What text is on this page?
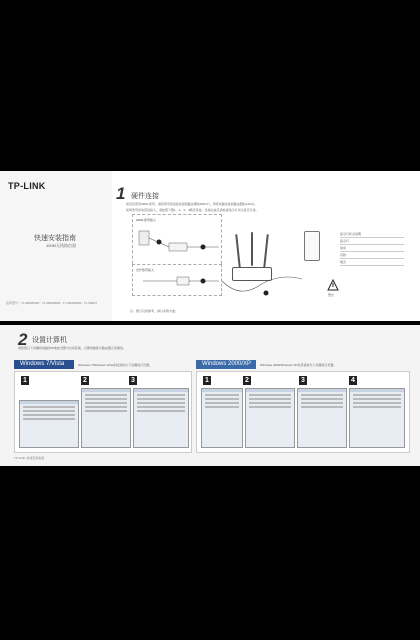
TP-LINK
快速安装指南
450M无线路由器
适用型号：TL-WDR5300 · TL-WDR5600 · TL-WDR5620 · TL-WDR7
1 硬件连接
如没有使用ADSL宽带，请将宽带线直接连接到路由器的WAN口，再将电脑连接到路由器的LAN口。
如果宽带是电话线接入，请按照下图1、2、3、4顺序连接，连接完成后请检查指示灯状态是否正常。
ADSL宽带接入
光纤宽带接入
注：图示仅供参考，请以实物为准。
指示灯状态说明
指示灯
常亮
闪烁
熄灭
警告
2 设置计算机
请按照以下步骤将电脑的IP地址设置为自动获取，以便电脑能与路由器正常通信。
Windows 7/Vista	Windows 7/Windows Vista系统请按以下步骤进行设置。
1	2	3
Windows 2000/XP	Windows 2000/Windows XP系统请按以下步骤进行设置。
1	2	3	4
TP-LINK 快速安装指南
